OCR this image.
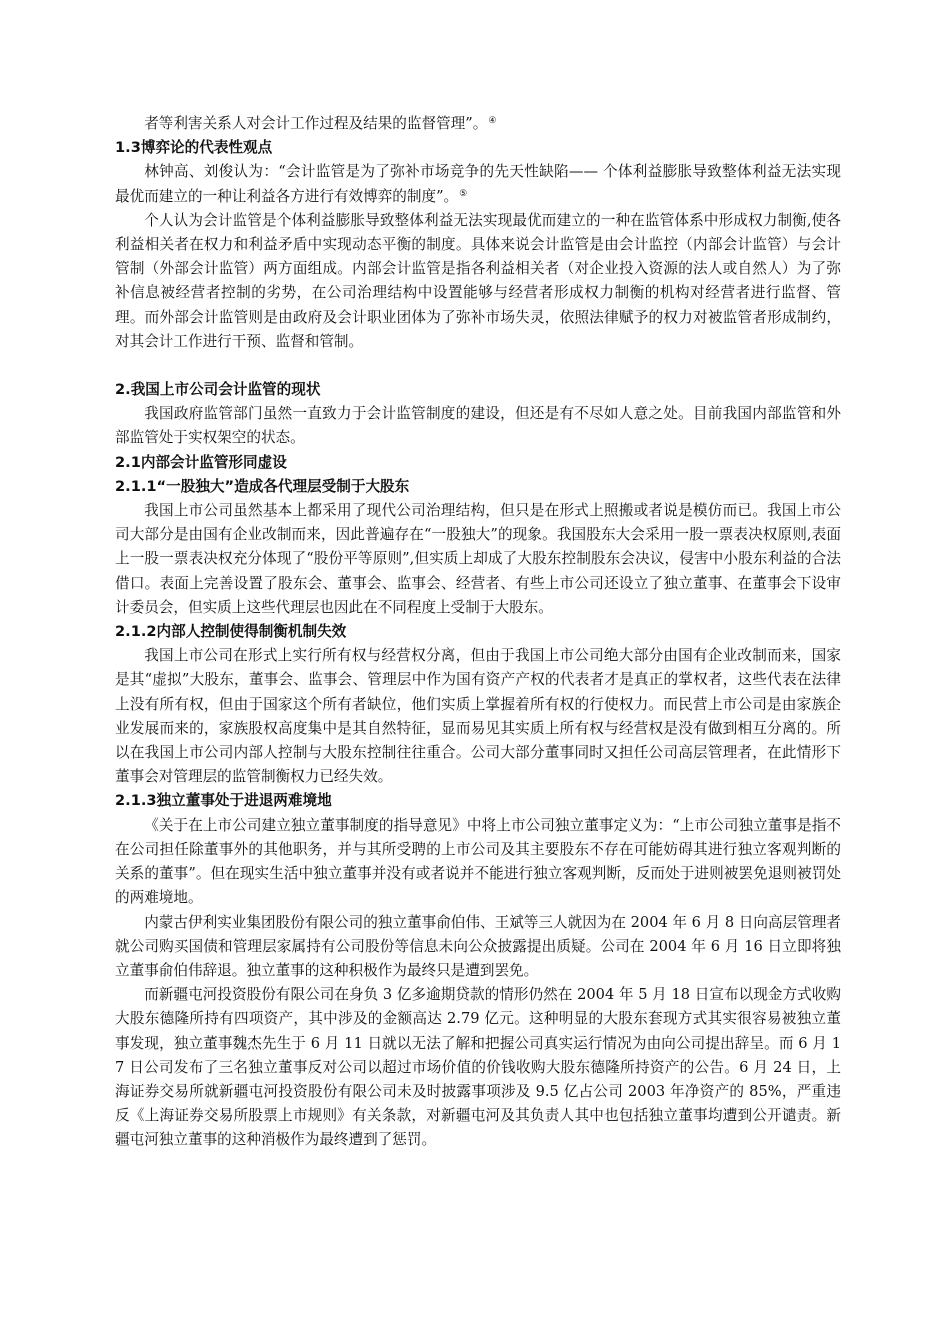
者等利害关系人对会计工作过程及结果的监督管理”。④

1.3博弈论的代表性观点

林钟高、刘俊认为：“会计监管是为了弥补市场竞争的先天性缺陷—— 个体利益膨胀导致整体利益无法实现最优而建立的一种让利益各方进行有效博弈的制度”。⑤

个人认为会计监管是个体利益膨胀导致整体利益无法实现最优而建立的一种在监管体系中形成权力制衡,使各利益相关者在权力和利益矛盾中实现动态平衡的制度。具体来说会计监管是由会计监控（内部会计监管）与会计管制（外部会计监管）两方面组成。内部会计监管是指各利益相关者（对企业投入资源的法人或自然人）为了弥补信息被经营者控制的劣势，在公司治理结构中设置能够与经营者形成权力制衡的机构对经营者进行监督、管理。而外部会计监管则是由政府及会计职业团体为了弥补市场失灵，依照法律赋予的权力对被监管者形成制约，对其会计工作进行干预、监督和管制。

2.我国上市公司会计监管的现状

我国政府监管部门虽然一直致力于会计监管制度的建设，但还是有不尽如人意之处。目前我国内部监管和外部监管处于实权架空的状态。

2.1内部会计监管形同虚设

2.1.1“一股独大”造成各代理层受制于大股东

我国上市公司虽然基本上都采用了现代公司治理结构，但只是在形式上照搬或者说是模仿而已。我国上市公司大部分是由国有企业改制而来，因此普遍存在“一股独大”的现象。我国股东大会采用一股一票表决权原则,表面上一股一票表决权充分体现了“股份平等原则”,但实质上却成了大股东控制股东会决议，侵害中小股东利益的合法借口。表面上完善设置了股东会、董事会、监事会、经营者、有些上市公司还设立了独立董事、在董事会下设审计委员会，但实质上这些代理层也因此在不同程度上受制于大股东。

2.1.2内部人控制使得制衡机制失效

我国上市公司在形式上实行所有权与经营权分离，但由于我国上市公司绝大部分由国有企业改制而来，国家是其“虚拟”大股东，董事会、监事会、管理层中作为国有资产产权的代表者才是真正的掌权者，这些代表在法律上没有所有权，但由于国家这个所有者缺位，他们实质上掌握着所有权的行使权力。而民营上市公司是由家族企业发展而来的，家族股权高度集中是其自然特征，显而易见其实质上所有权与经营权是没有做到相互分离的。所以在我国上市公司内部人控制与大股东控制往往重合。公司大部分董事同时又担任公司高层管理者，在此情形下董事会对管理层的监管制衡权力已经失效。

2.1.3独立董事处于进退两难境地

《关于在上市公司建立独立董事制度的指导意见》中将上市公司独立董事定义为：“上市公司独立董事是指不在公司担任除董事外的其他职务，并与其所受聘的上市公司及其主要股东不存在可能妨碍其进行独立客观判断的关系的董事”。但在现实生活中独立董事并没有或者说并不能进行独立客观判断，反而处于进则被罢免退则被罚处的两难境地。

内蒙古伊利实业集团股份有限公司的独立董事俞伯伟、王斌等三人就因为在 2004 年 6 月 8 日向高层管理者就公司购买国债和管理层家属持有公司股份等信息未向公众披露提出质疑。公司在 2004 年 6 月 16 日立即将独立董事俞伯伟辞退。独立董事的这种积极作为最终只是遭到罢免。

而新疆屯河投资股份有限公司在身负 3 亿多逾期贷款的情形仍然在 2004 年 5 月 18 日宣布以现金方式收购大股东德隆所持有四项资产，其中涉及的金额高达 2.79 亿元。这种明显的大股东套现方式其实很容易被独立董事发现，独立董事魏杰先生于 6 月 11 日就以无法了解和把握公司真实运行情况为由向公司提出辞呈。而 6 月 17 日公司发布了三名独立董事反对公司以超过市场价值的价钱收购大股东德隆所持资产的公告。6 月 24 日，上海证券交易所就新疆屯河投资股份有限公司未及时披露事项涉及 9.5 亿占公司 2003 年净资产的 85%，严重违反《上海证券交易所股票上市规则》有关条款，对新疆屯河及其负责人其中也包括独立董事均遭到公开谴责。新疆屯河独立董事的这种消极作为最终遭到了惩罚。
